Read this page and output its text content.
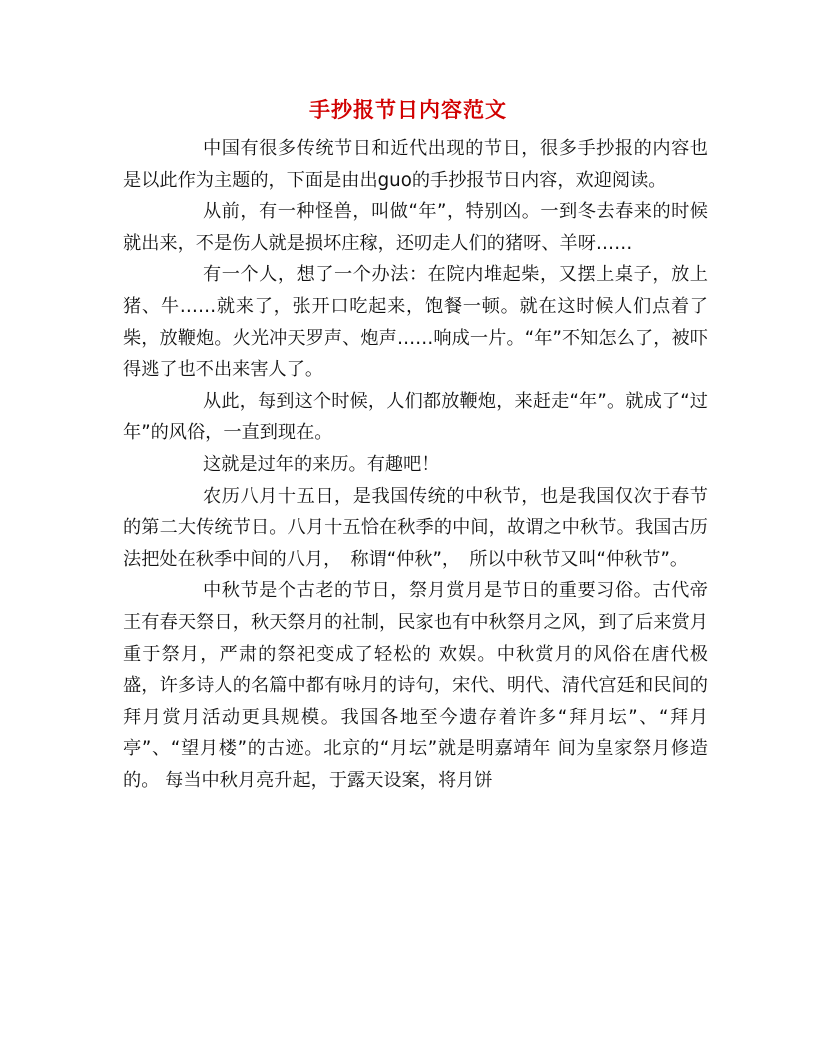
手抄报节日内容范文

中国有很多传统节日和近代出现的节日，很多手抄报的内容也是以此作为主题的，下面是由出guo的手抄报节日内容，欢迎阅读。

从前，有一种怪兽，叫做“年”，特别凶。一到冬去春来的时候就出来，不是伤人就是损坏庄稼，还叨走人们的猪呀、羊呀……

有一个人，想了一个办法：在院内堆起柴，又摆上桌子，放上猪、牛……就来了，张开口吃起来，饱餐一顿。就在这时候人们点着了柴，放鞭炮。火光冲天罗声、炮声……响成一片。“年”不知怎么了，被吓得逃了也不出来害人了。

从此，每到这个时候，人们都放鞭炮，来赶走“年”。就成了“过年”的风俗，一直到现在。

这就是过年的来历。有趣吧！

农历八月十五日，是我国传统的中秋节，也是我国仅次于春节的第二大传统节日。八月十五恰在秋季的中间，故谓之中秋节。我国古历法把处在秋季中间的八月，　称谓“仲秋”，　所以中秋节又叫“仲秋节”。

中秋节是个古老的节日，祭月赏月是节日的重要习俗。古代帝王有春天祭日，秋天祭月的社制，民家也有中秋祭月之风，到了后来赏月重于祭月，严肃的祭祀变成了轻松的 欢娱。中秋赏月的风俗在唐代极盛，许多诗人的名篇中都有咏月的诗句，宋代、明代、清代宫廷和民间的拜月赏月活动更具规模。我国各地至今遗存着许多“拜月坛”、“拜月亭”、“望月楼”的古迹。北京的“月坛”就是明嘉靖年 间为皇家祭月修造的。 每当中秋月亮升起，于露天设案，将月饼
